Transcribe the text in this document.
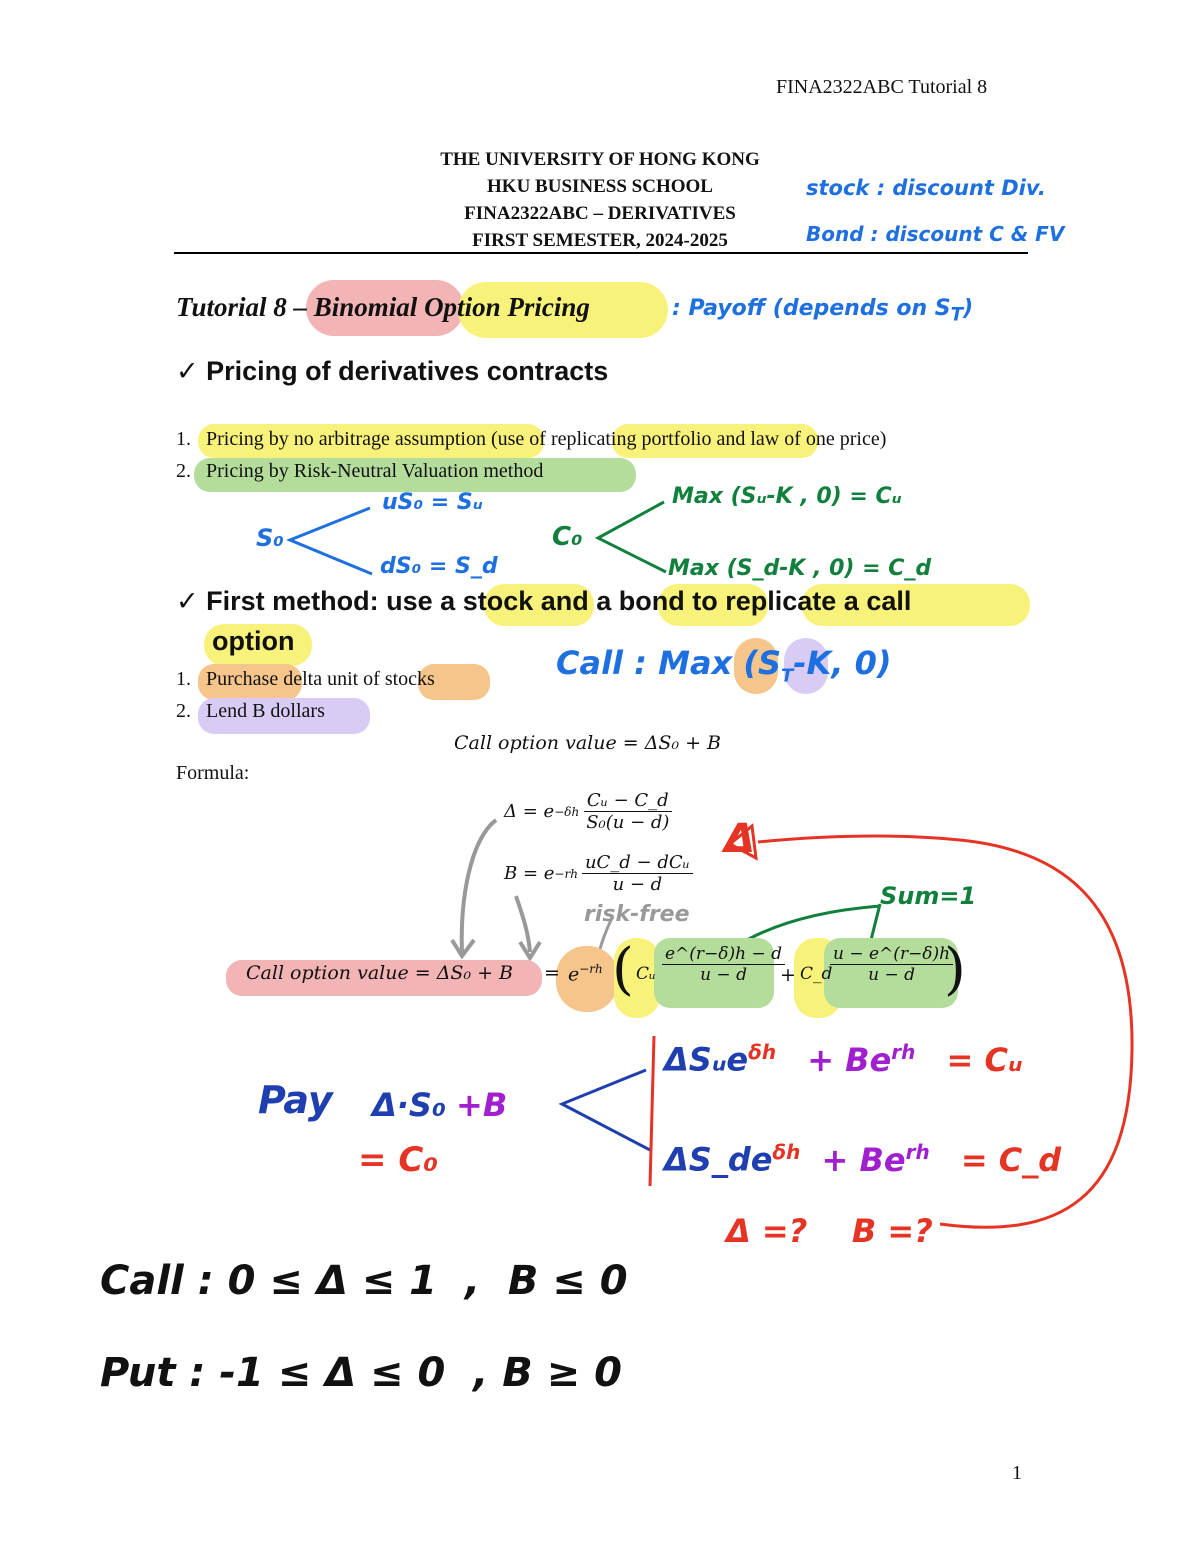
FINA2322ABC Tutorial 8
THE UNIVERSITY OF HONG KONG
HKU BUSINESS SCHOOL
FINA2322ABC – DERIVATIVES
FIRST SEMESTER, 2024-2025
stock : discount Div.
Bond : discount C & FV
Tutorial 8 – Binomial Option Pricing	: Payoff (depends on $S_T$)
✓ Pricing of derivatives contracts
1. Pricing by no arbitrage assumption (use of replicating portfolio and law of one price)
2. Pricing by Risk-Neutral Valuation method
S₀
uS₀ = Sᵤ
dS₀ = S_d
C₀
Max (Sᵤ-K , 0) = Cᵤ
Max (S_d-K , 0) = C_d
✓ First method: use a stock and a bond to replicate a call
option
1. Purchase delta unit of stocks
2. Lend B dollars
Call : Max ($S_T-K$, 0)
Call option value = ΔS₀ + B
Formula:
$\Delta = e -\delta h \frac{\text{Cᵤ − C\_d}}{\text{S₀(u − d)}}$
$B = e -rh \frac{\text{uC\_d − dCᵤ}}{u - d}$
risk-free
Sum=1
Call option value = $\Delta S_0 + B = e^{-rh}$ ( Cᵤ $\frac{e\^{}(r-\delta)h - d}{u - d}$
+ C_d
$\frac{u - e\^{}(r-\delta)h}{u - d}$
)
Pay Δ·S₀ +B
= C₀
ΔSᵤe$^{\delta h}$ + $Be^{rh}$ = Cᵤ
$\Delta S\_de^{\delta h} + Be^{rh}$ = C_d
Δ =?    B =?
Δ
Call : 0 ≤ Δ ≤ 1  ,  B ≤ 0
Put : -1 ≤ Δ ≤ 0  , B ≥ 0
1
